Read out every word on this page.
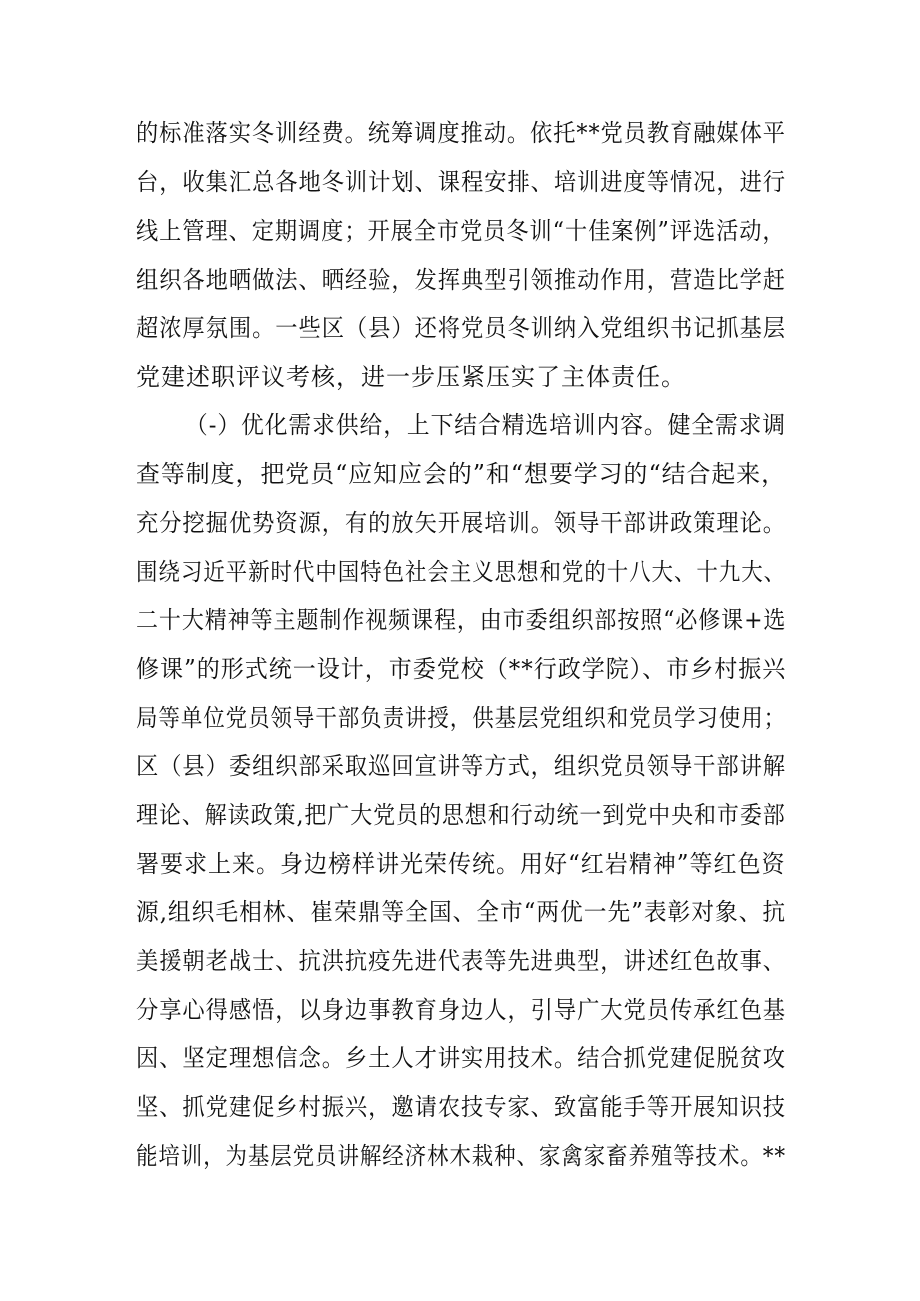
的标准落实冬训经费。统筹调度推动。依托**党员教育融媒体平
台，收集汇总各地冬训计划、课程安排、培训进度等情况，进行
线上管理、定期调度；开展全市党员冬训“十佳案例”评选活动，
组织各地晒做法、晒经验，发挥典型引领推动作用，营造比学赶
超浓厚氛围。一些区（县）还将党员冬训纳入党组织书记抓基层
党建述职评议考核，进一步压紧压实了主体责任。
（-）优化需求供给，上下结合精选培训内容。健全需求调
查等制度，把党员“应知应会的”和“想要学习的“结合起来，
充分挖掘优势资源，有的放矢开展培训。领导干部讲政策理论。
围绕习近平新时代中国特色社会主义思想和党的十八大、十九大、
二十大精神等主题制作视频课程，由市委组织部按照“必修课+选
修课”的形式统一设计，市委党校（**行政学院）、市乡村振兴
局等单位党员领导干部负责讲授，供基层党组织和党员学习使用；
区（县）委组织部采取巡回宣讲等方式，组织党员领导干部讲解
理论、解读政策,把广大党员的思想和行动统一到党中央和市委部
署要求上来。身边榜样讲光荣传统。用好“红岩精神”等红色资
源,组织毛相林、崔荣鼎等全国、全市“两优一先”表彰对象、抗
美援朝老战士、抗洪抗疫先进代表等先进典型，讲述红色故事、
分享心得感悟，以身边事教育身边人，引导广大党员传承红色基
因、坚定理想信念。乡土人才讲实用技术。结合抓党建促脱贫攻
坚、抓党建促乡村振兴，邀请农技专家、致富能手等开展知识技
能培训，为基层党员讲解经济林木栽种、家禽家畜养殖等技术。**
